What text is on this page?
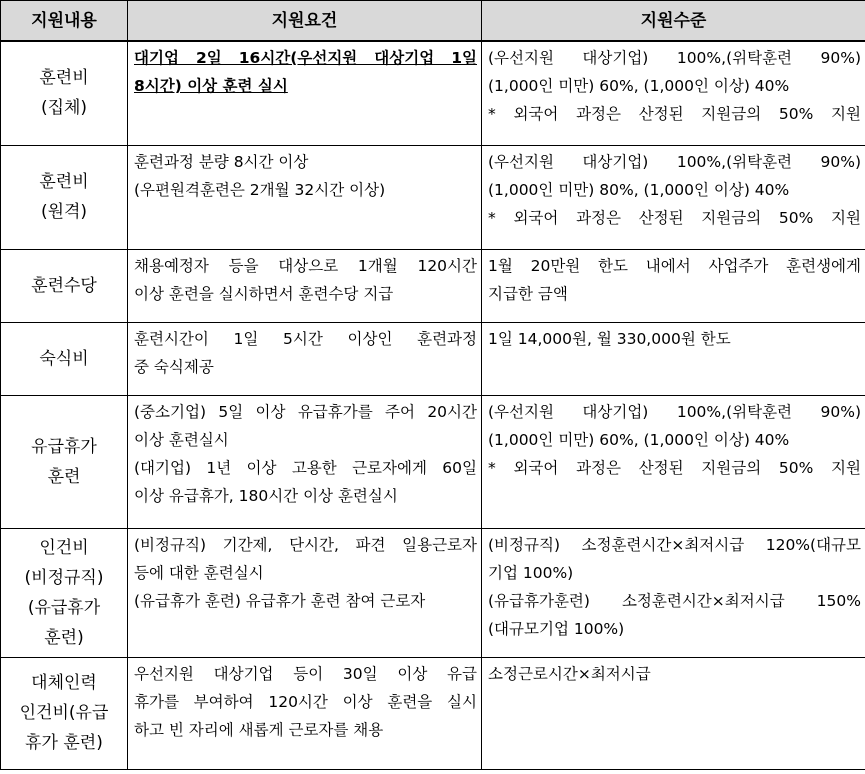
지원내용	지원요건	지원수준

훈련비
(집체)	대기업 2일 16시간(우선지원 대상기업 1일
8시간) 이상 훈련 실시	(우선지원 대상기업) 100%,(위탁훈련 90%)
(1,000인 미만) 60%, (1,000인 이상) 40%
* 외국어 과정은 산정된 지원금의 50% 지원

훈련비
(원격)	훈련과정 분량 8시간 이상
(우편원격훈련은 2개월 32시간 이상)	(우선지원 대상기업) 100%,(위탁훈련 90%)
(1,000인 미만) 80%, (1,000인 이상) 40%
* 외국어 과정은 산정된 지원금의 50% 지원

훈련수당	채용예정자 등을 대상으로 1개월 120시간
이상 훈련을 실시하면서 훈련수당 지급	1월 20만원 한도 내에서 사업주가 훈련생에게
지급한 금액

숙식비	훈련시간이 1일 5시간 이상인 훈련과정
중 숙식제공	1일 14,000원, 월 330,000원 한도

유급휴가
훈련	(중소기업) 5일 이상 유급휴가를 주어 20시간
이상 훈련실시
(대기업) 1년 이상 고용한 근로자에게 60일
이상 유급휴가, 180시간 이상 훈련실시	(우선지원 대상기업) 100%,(위탁훈련 90%)
(1,000인 미만) 60%, (1,000인 이상) 40%
* 외국어 과정은 산정된 지원금의 50% 지원

인건비
(비정규직)
(유급휴가
훈련)	(비정규직) 기간제, 단시간, 파견 일용근로자
등에 대한 훈련실시
(유급휴가 훈련) 유급휴가 훈련 참여 근로자	(비정규직) 소정훈련시간×최저시급 120%(대규모
기업 100%)
(유급휴가훈련) 소정훈련시간×최저시급 150%
(대규모기업 100%)

대체인력
인건비(유급
휴가 훈련)	우선지원 대상기업 등이 30일 이상 유급
휴가를 부여하여 120시간 이상 훈련을 실시
하고 빈 자리에 새롭게 근로자를 채용	소정근로시간×최저시급
